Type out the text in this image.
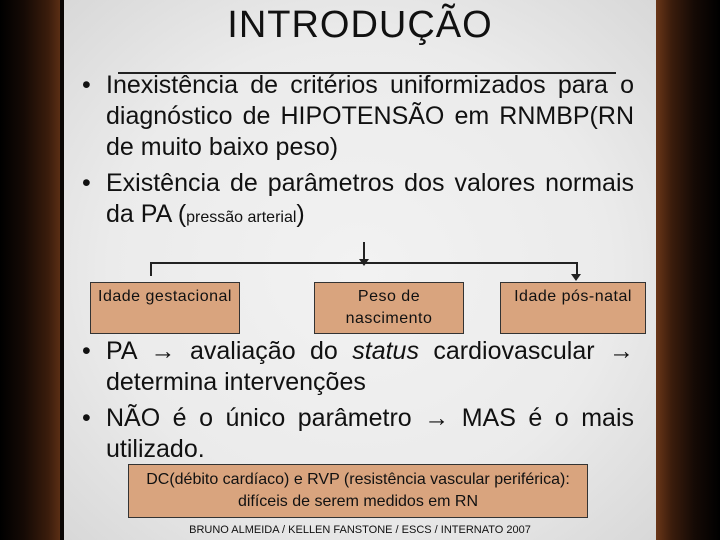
INTRODUÇÃO
• Inexistência de critérios uniformizados para o diagnóstico de HIPOTENSÃO em RNMBP(RN de muito baixo peso)
• Existência de parâmetros dos valores normais da PA (pressão arterial)
Idade gestacional	Peso de nascimento
Idade pós-natal
• PA → avaliação do status cardiovascular → determina intervenções
• NÃO é o único parâmetro → MAS é o mais utilizado.
DC(débito cardíaco) e RVP (resistência vascular periférica): difíceis de serem medidos em RN
BRUNO ALMEIDA / KELLEN FANSTONE / ESCS / INTERNATO 2007
